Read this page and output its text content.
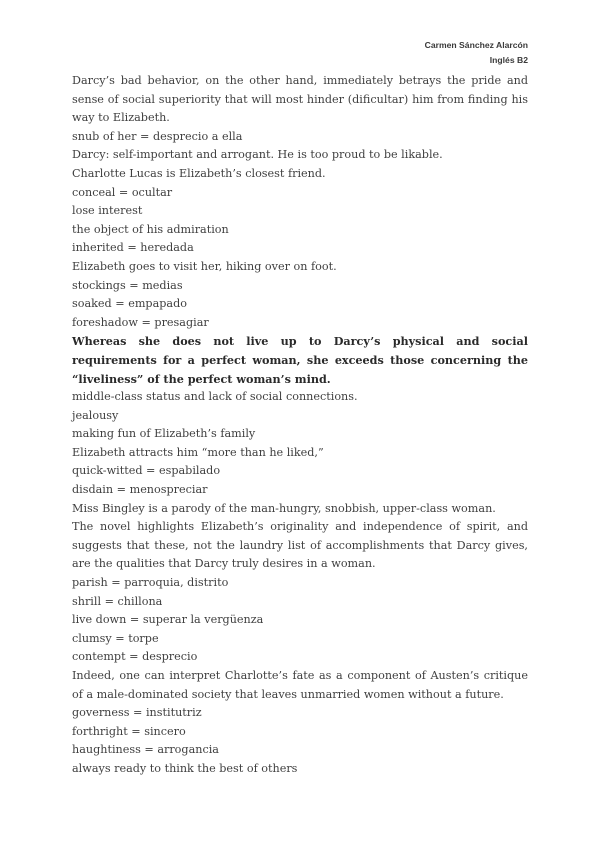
Carmen Sánchez Alarcón
Inglés B2
Darcy’s bad behavior, on the other hand, immediately betrays the pride and sense of social superiority that will most hinder (dificultar) him from finding his way to Elizabeth.
snub of her = desprecio a ella
Darcy: self-important and arrogant. He is too proud to be likable.
Charlotte Lucas is Elizabeth’s closest friend.
conceal = ocultar
lose interest
the object of his admiration
inherited = heredada
Elizabeth goes to visit her, hiking over on foot.
stockings = medias
soaked = empapado
foreshadow = presagiar
Whereas she does not live up to Darcy’s physical and social requirements for a perfect woman, she exceeds those concerning the “liveliness” of the perfect woman’s mind.
middle-class status and lack of social connections.
jealousy
making fun of Elizabeth’s family
Elizabeth attracts him “more than he liked,”
quick-witted = espabilado
disdain = menospreciar
Miss Bingley is a parody of the man-hungry, snobbish, upper-class woman.
The novel highlights Elizabeth’s originality and independence of spirit, and suggests that these, not the laundry list of accomplishments that Darcy gives, are the qualities that Darcy truly desires in a woman.
parish = parroquia, distrito
shrill = chillona
live down = superar la vergüenza
clumsy = torpe
contempt = desprecio
Indeed, one can interpret Charlotte’s fate as a component of Austen’s critique of a male-dominated society that leaves unmarried women without a future.
governess = institutriz
forthright = sincero
haughtiness = arrogancia
always ready to think the best of others
